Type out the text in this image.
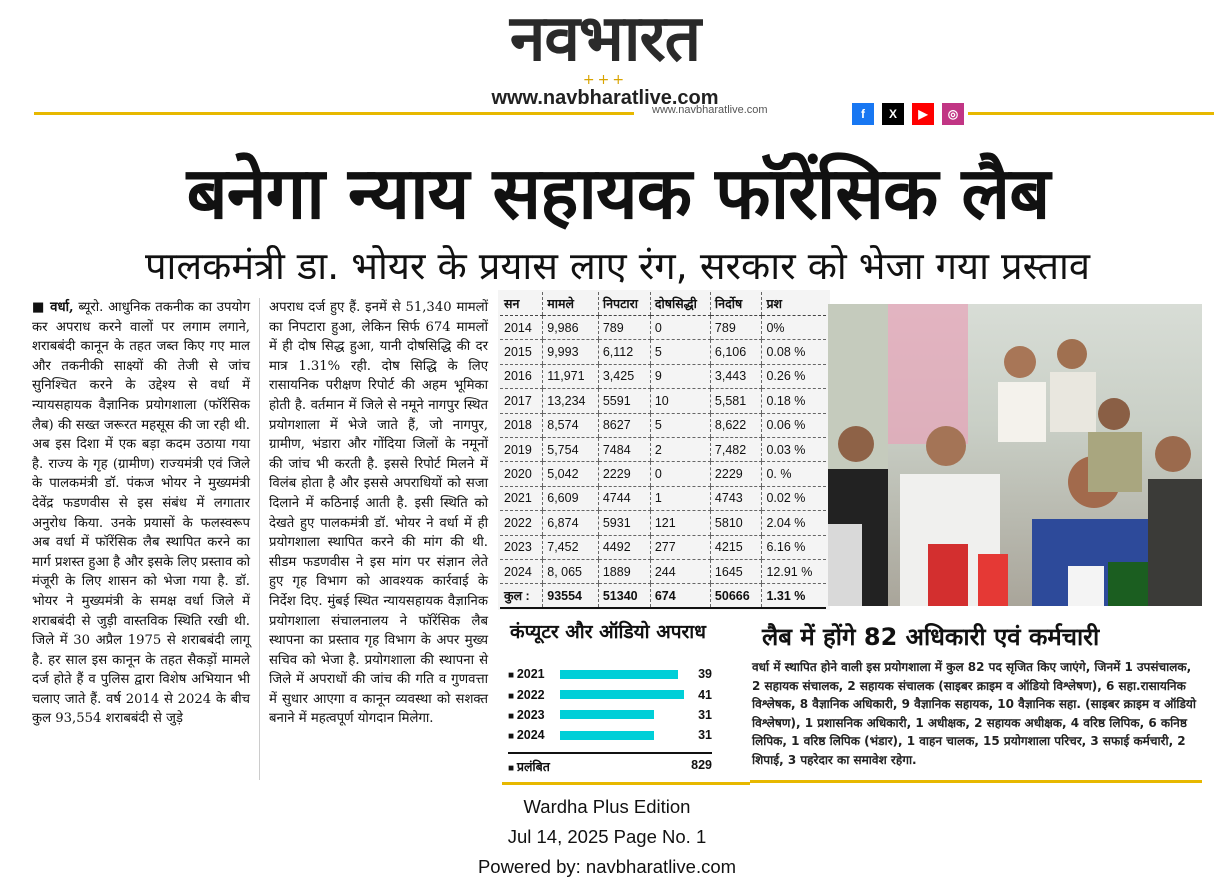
नवभारत
+++
www.navbharatlive.com
www.navbharatlive.com	f	X	▶	◎
बनेगा न्याय सहायक फॉरेंसिक लैब
पालकमंत्री डा. भोयर के प्रयास लाए रंग, सरकार को भेजा गया प्रस्ताव
■ वर्धा, ब्यूरो. आधुनिक तकनीक का उपयोग कर अपराध करने वालों पर लगाम लगाने, शराबबंदी कानून के तहत जब्त किए गए माल और तकनीकी साक्ष्यों की तेजी से जांच सुनिश्चित करने के उद्देश्य से वर्धा में न्यायसहायक वैज्ञानिक प्रयोगशाला (फॉरेंसिक लैब) की सख्त जरूरत महसूस की जा रही थी. अब इस दिशा में एक बड़ा कदम उठाया गया है. राज्य के गृह (ग्रामीण) राज्यमंत्री एवं जिले के पालकमंत्री डॉ. पंकज भोयर ने मुख्यमंत्री देवेंद्र फडणवीस से इस संबंध में लगातार अनुरोध किया. उनके प्रयासों के फलस्वरूप अब वर्धा में फॉरेंसिक लैब स्थापित करने का मार्ग प्रशस्त हुआ है और इसके लिए प्रस्ताव को मंजूरी के लिए शासन को भेजा गया है. डॉ. भोयर ने मुख्यमंत्री के समक्ष वर्धा जिले में शराबबंदी से जुड़ी वास्तविक स्थिति रखी थी. जिले में 30 अप्रैल 1975 से शराबबंदी लागू है. हर साल इस कानून के तहत सैकड़ों मामले दर्ज होते हैं व पुलिस द्वारा विशेष अभियान भी चलाए जाते हैं. वर्ष 2014 से 2024 के बीच कुल 93,554 शराबबंदी से जुड़े
अपराध दर्ज हुए हैं. इनमें से 51,340 मामलों का निपटारा हुआ, लेकिन सिर्फ 674 मामलों में ही दोष सिद्ध हुआ, यानी दोषसिद्धि की दर मात्र 1.31% रही. दोष सिद्धि के लिए रासायनिक परीक्षण रिपोर्ट की अहम भूमिका होती है. वर्तमान में जिले से नमूने नागपुर स्थित प्रयोगशाला में भेजे जाते हैं, जो नागपुर, ग्रामीण, भंडारा और गोंदिया जिलों के नमूनों की जांच भी करती है. इससे रिपोर्ट मिलने में विलंब होता है और इससे अपराधियों को सजा दिलाने में कठिनाई आती है. इसी स्थिति को देखते हुए पालकमंत्री डॉ. भोयर ने वर्धा में ही प्रयोगशाला स्थापित करने की मांग की थी. सीडम फडणवीस ने इस मांग पर संज्ञान लेते हुए गृह विभाग को आवश्यक कार्रवाई के निर्देश दिए. मुंबई स्थित न्यायसहायक वैज्ञानिक प्रयोगशाला संचालनालय ने फॉरेंसिक लैब स्थापना का प्रस्ताव गृह विभाग के अपर मुख्य सचिव को भेजा है. प्रयोगशाला की स्थापना से जिले में अपराधों की जांच की गति व गुणवत्ता में सुधार आएगा व कानून व्यवस्था को सशक्त बनाने में महत्वपूर्ण योगदान मिलेगा.
सन	मामले	निपटारा	दोषसिद्धी	निर्दोष	प्रश
2014	9,986	789	0	789	0%
2015	9,993	6,112	5	6,106	0.08 %
2016	11,971	3,425	9	3,443	0.26 %
2017	13,234	5591	10	5,581	0.18 %
2018	8,574	8627	5	8,622	0.06 %
2019	5,754	7484	2	7,482	0.03 %
2020	5,042	2229	0	2229	0. %
2021	6,609	4744	1	4743	0.02 %
2022	6,874	5931	121	5810	2.04 %
2023	7,452	4492	277	4215	6.16 %
2024	8, 065	1889	244	1645	12.91 %
कुल :	93554	51340	674	50666	1.31 %
कंप्यूटर और ऑडियो अपराध
■ 2021	39
■ 2022	41
■ 2023	31
■ 2024	31
■ प्रलंबित	829
लैब में होंगे 82 अधिकारी एवं कर्मचारी
वर्धा में स्थापित होने वाली इस प्रयोगशाला में कुल 82 पद सृजित किए जाएंगे, जिनमें 1 उपसंचालक, 2 सहायक संचालक, 2 सहायक संचालक (साइबर क्राइम व ऑडियो विश्लेषण), 6 सहा.रासायनिक विश्लेषक, 8 वैज्ञानिक अधिकारी, 9 वैज्ञानिक सहायक, 10 वैज्ञानिक सहा. (साइबर क्राइम व ऑडियो विश्लेषण), 1 प्रशासनिक अधिकारी, 1 अधीक्षक, 2 सहायक अधीक्षक, 4 वरिष्ठ लिपिक, 6 कनिष्ठ लिपिक, 1 वरिष्ठ लिपिक (भंडार), 1 वाहन चालक, 15 प्रयोगशाला परिचर, 3 सफाई कर्मचारी, 2 शिपाई, 3 पहरेदार का समावेश रहेगा.
Wardha Plus Edition
Jul 14, 2025 Page No. 1
Powered by: navbharatlive.com
